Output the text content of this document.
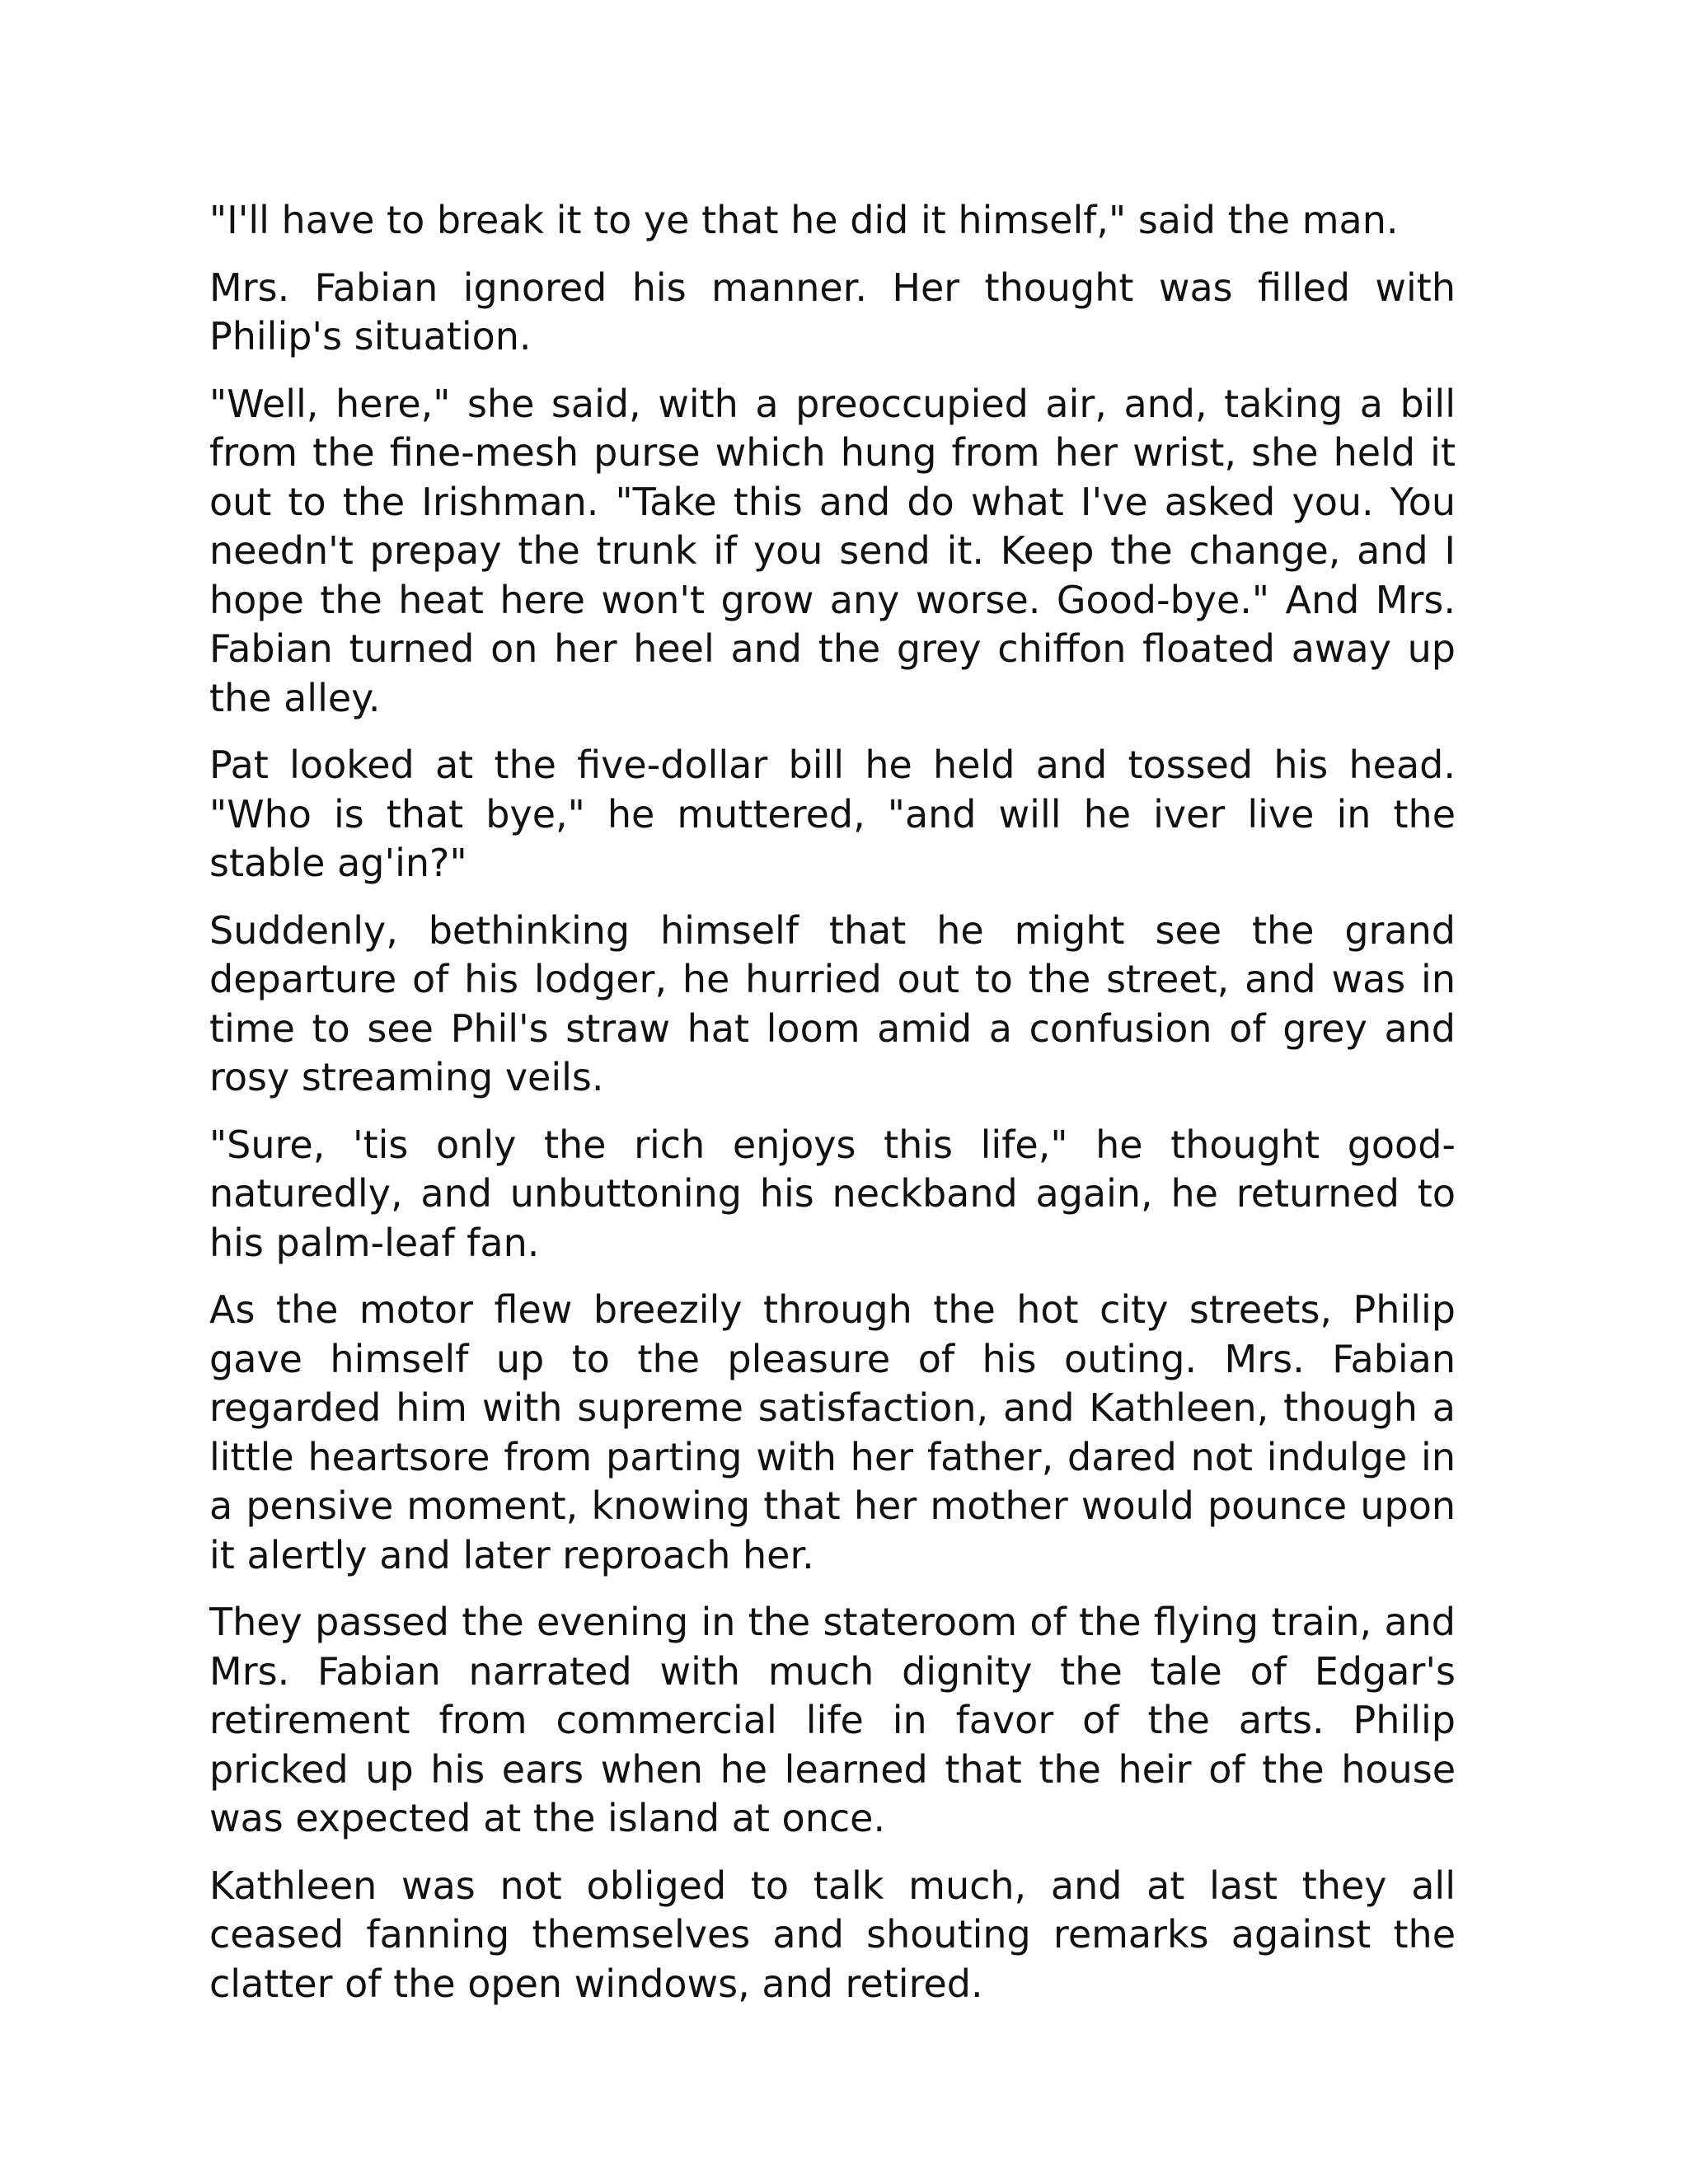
"I'll have to break it to ye that he did it himself," said the man.

Mrs. Fabian ignored his manner. Her thought was filled with Philip's situation.

"Well, here," she said, with a preoccupied air, and, taking a bill from the fine-mesh purse which hung from her wrist, she held it out to the Irishman. "Take this and do what I've asked you. You needn't prepay the trunk if you send it. Keep the change, and I hope the heat here won't grow any worse. Good-bye." And Mrs. Fabian turned on her heel and the grey chiffon floated away up the alley.

Pat looked at the five-dollar bill he held and tossed his head. "Who is that bye," he muttered, "and will he iver live in the stable ag'in?"

Suddenly, bethinking himself that he might see the grand departure of his lodger, he hurried out to the street, and was in time to see Phil's straw hat loom amid a confusion of grey and rosy streaming veils.

"Sure, 'tis only the rich enjoys this life," he thought good-naturedly, and unbuttoning his neckband again, he returned to his palm-leaf fan.

As the motor flew breezily through the hot city streets, Philip gave himself up to the pleasure of his outing. Mrs. Fabian regarded him with supreme satisfaction, and Kathleen, though a little heartsore from parting with her father, dared not indulge in a pensive moment, knowing that her mother would pounce upon it alertly and later reproach her.

They passed the evening in the stateroom of the flying train, and Mrs. Fabian narrated with much dignity the tale of Edgar's retirement from commercial life in favor of the arts. Philip pricked up his ears when he learned that the heir of the house was expected at the island at once.

Kathleen was not obliged to talk much, and at last they all ceased fanning themselves and shouting remarks against the clatter of the open windows, and retired.
